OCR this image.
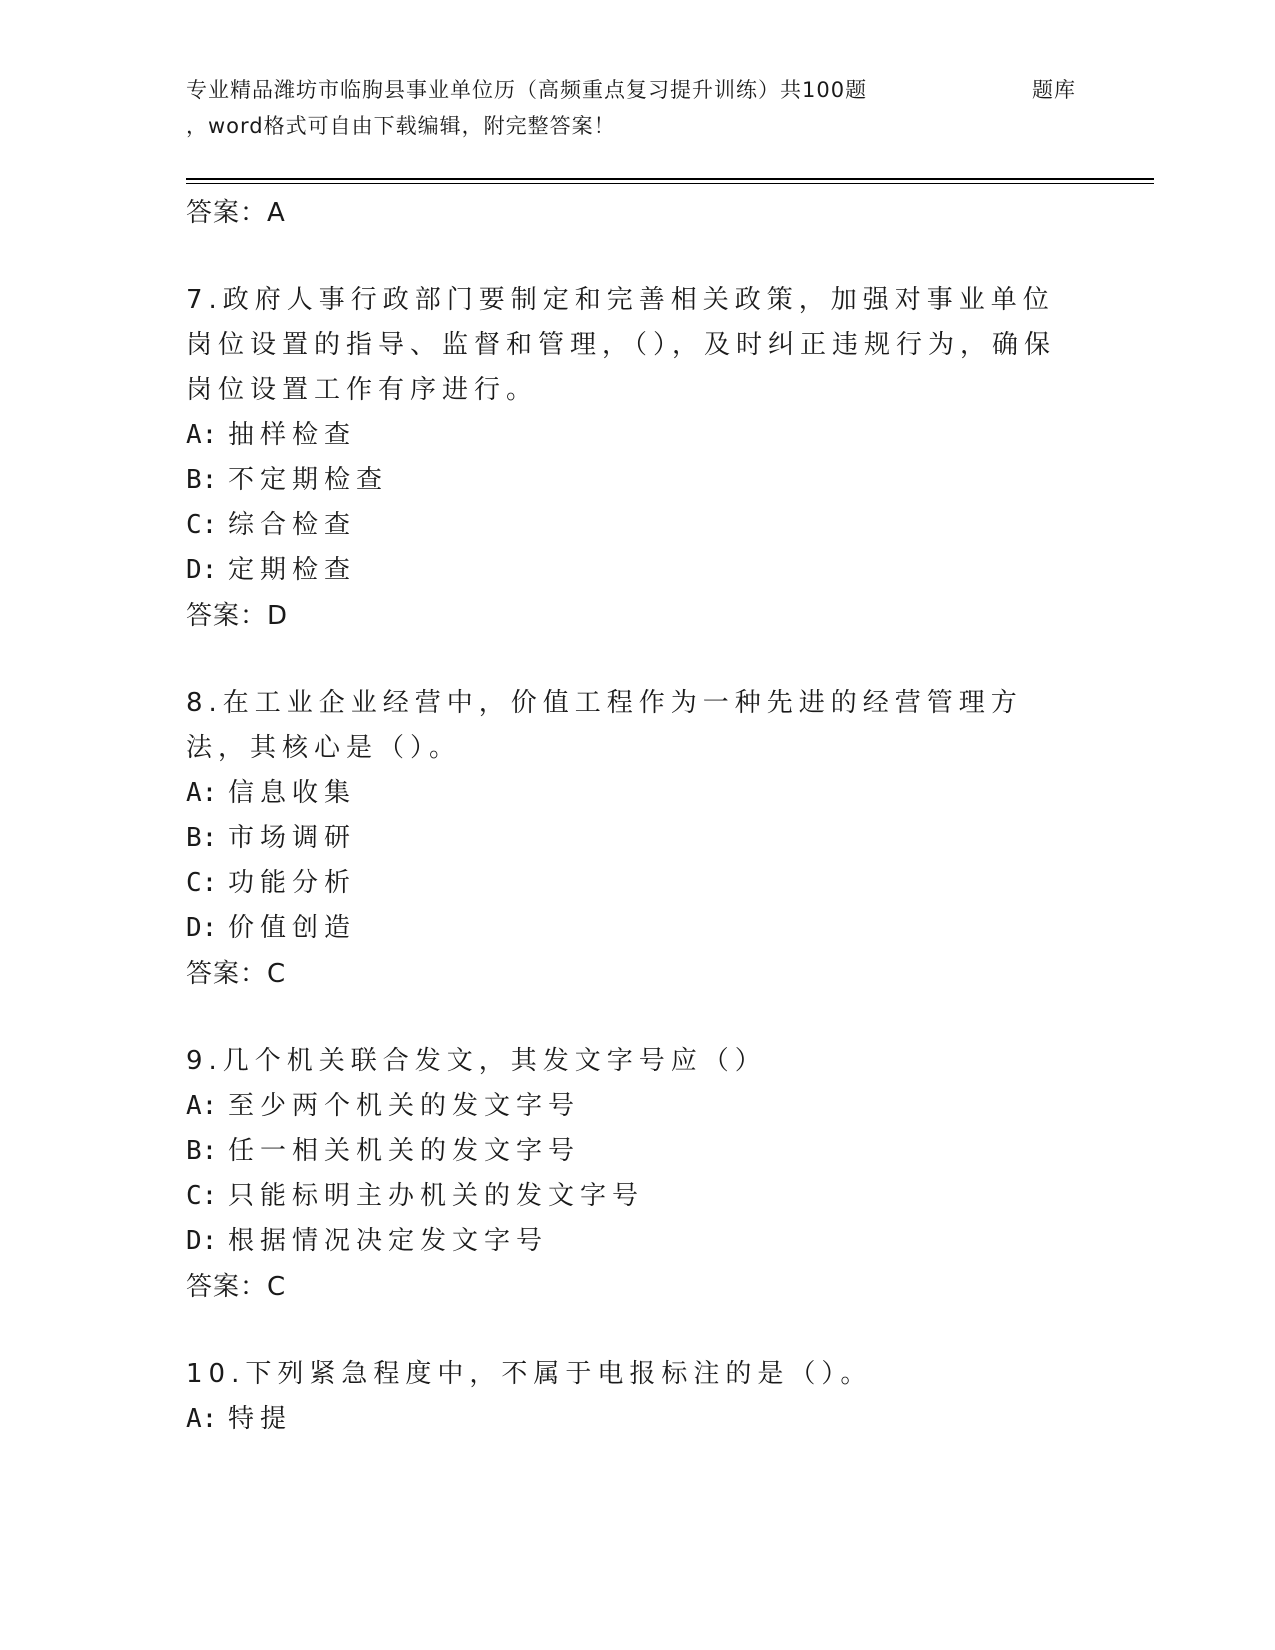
专业精品潍坊市临朐县事业单位历（高频重点复习提升训练）共100题	题库
，word格式可自由下载编辑，附完整答案！
答案：A
7.政府人事行政部门要制定和完善相关政策，加强对事业单位岗位设置的指导、监督和管理，（），及时纠正违规行为，确保岗位设置工作有序进行。
A: 抽样检查
B: 不定期检查
C: 综合检查
D: 定期检查
答案：D
8.在工业企业经营中，价值工程作为一种先进的经营管理方法，其核心是（）。
A: 信息收集
B: 市场调研
C: 功能分析
D: 价值创造
答案：C
9.几个机关联合发文，其发文字号应（）
A: 至少两个机关的发文字号
B: 任一相关机关的发文字号
C: 只能标明主办机关的发文字号
D: 根据情况决定发文字号
答案：C
10.下列紧急程度中，不属于电报标注的是（）。
A: 特提
